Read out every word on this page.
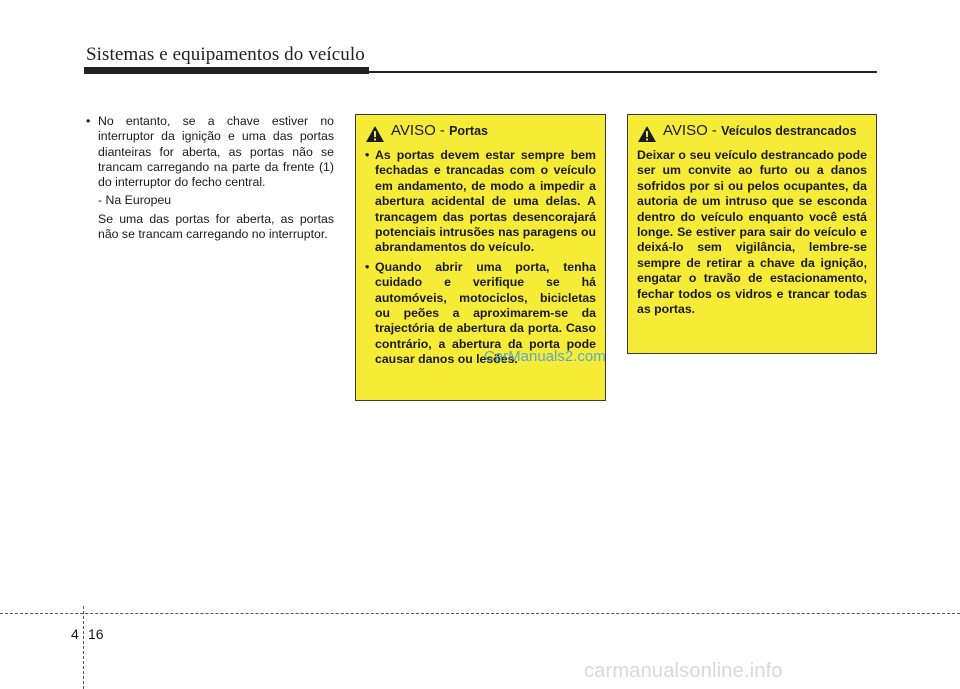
Sistemas e equipamentos do veículo
• No entanto, se a chave estiver no interruptor da ignição e uma das portas dianteiras for aberta, as portas não se trancam carregando na parte da frente (1) do interruptor do fecho central.
- Na Europeu
Se uma das portas for aberta, as portas não se trancam carregando no interruptor.
AVISO - Portas
• As portas devem estar sempre bem fechadas e trancadas com o veículo em andamento, de modo a impedir a abertura acidental de uma delas. A trancagem das portas desencorajará potenciais intrusões nas paragens ou abrandamentos do veículo.
• Quando abrir uma porta, tenha cuidado e verifique se há automóveis, motociclos, bicicletas ou peões a aproximarem-se da trajectória de abertura da porta. Caso contrário, a abertura da porta pode causar danos ou lesões.
AVISO - Veículos destrancados
Deixar o seu veículo destrancado pode ser um convite ao furto ou a danos sofridos por si ou pelos ocupantes, da autoria de um intruso que se esconda dentro do veículo enquanto você está longe. Se estiver para sair do veículo e deixá-lo sem vigilância, lembre-se sempre de retirar a chave da ignição, engatar o travão de estacionamento, fechar todos os vidros e trancar todas as portas.
CarManuals2.com
4 16
carmanualsonline.info
